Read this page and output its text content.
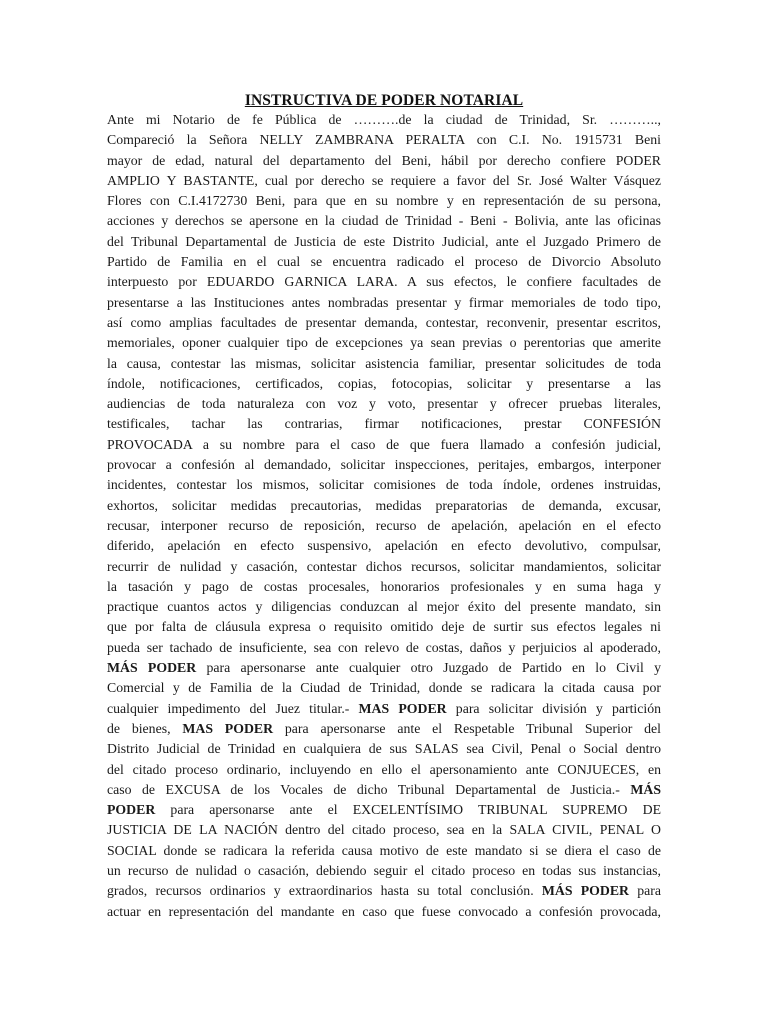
INSTRUCTIVA DE PODER NOTARIAL
Ante mi Notario de fe Pública de ……….de la ciudad de Trinidad, Sr. ………..,
Compareció la Señora NELLY ZAMBRANA PERALTA con C.I. No. 1915731 Beni
mayor de edad, natural del departamento del Beni, hábil por derecho confiere PODER
AMPLIO Y BASTANTE, cual por derecho se requiere a favor del Sr. José Walter Vásquez
Flores con C.I.4172730 Beni, para que en su nombre y en representación de su persona,
acciones y derechos se apersone en la ciudad de Trinidad - Beni - Bolivia, ante las oficinas
del Tribunal Departamental de Justicia de este Distrito Judicial, ante el Juzgado Primero de
Partido de Familia en el cual se encuentra radicado el proceso de Divorcio Absoluto
interpuesto por EDUARDO GARNICA LARA. A sus efectos, le confiere facultades de
presentarse a las Instituciones antes nombradas presentar y firmar memoriales de todo tipo,
así como amplias facultades de presentar demanda, contestar, reconvenir, presentar escritos,
memoriales, oponer cualquier tipo de excepciones ya sean previas o perentorias que amerite
la causa, contestar las mismas, solicitar asistencia familiar, presentar solicitudes de toda
índole, notificaciones, certificados, copias, fotocopias, solicitar y presentarse a las
audiencias de toda naturaleza con voz y voto, presentar y ofrecer pruebas literales,
testificales, tachar las contrarias, firmar notificaciones, prestar CONFESIÓN
PROVOCADA a su nombre para el caso de que fuera llamado a confesión judicial,
provocar a confesión al demandado, solicitar inspecciones, peritajes, embargos, interponer
incidentes, contestar los mismos, solicitar comisiones de toda índole, ordenes instruidas,
exhortos, solicitar medidas precautorias, medidas preparatorias de demanda, excusar,
recusar, interponer recurso de reposición, recurso de apelación, apelación en el efecto
diferido, apelación en efecto suspensivo, apelación en efecto devolutivo, compulsar,
recurrir de nulidad y casación, contestar dichos recursos, solicitar mandamientos, solicitar
la tasación y pago de costas procesales, honorarios profesionales y en suma haga y
practique cuantos actos y diligencias conduzcan al mejor éxito del presente mandato, sin
que por falta de cláusula expresa o requisito omitido deje de surtir sus efectos legales ni
pueda ser tachado de insuficiente, sea con relevo de costas, daños y perjuicios al apoderado,
MÁS PODER para apersonarse ante cualquier otro Juzgado de Partido en lo Civil y
Comercial y de Familia de la Ciudad de Trinidad, donde se radicara la citada causa por
cualquier impedimento del Juez titular.- MAS PODER para solicitar división y partición
de bienes, MAS PODER para apersonarse ante el Respetable Tribunal Superior del
Distrito Judicial de Trinidad en cualquiera de sus SALAS sea Civil, Penal o Social dentro
del citado proceso ordinario, incluyendo en ello el apersonamiento ante CONJUECES, en
caso de EXCUSA de los Vocales de dicho Tribunal Departamental de Justicia.- MÁS
PODER para apersonarse ante el EXCELENTÍSIMO TRIBUNAL SUPREMO DE
JUSTICIA DE LA NACIÓN dentro del citado proceso, sea en la SALA CIVIL, PENAL O
SOCIAL donde se radicara la referida causa motivo de este mandato si se diera el caso de
un recurso de nulidad o casación, debiendo seguir el citado proceso en todas sus instancias,
grados, recursos ordinarios y extraordinarios hasta su total conclusión. MÁS PODER para
actuar en representación del mandante en caso que fuese convocado a confesión provocada,
